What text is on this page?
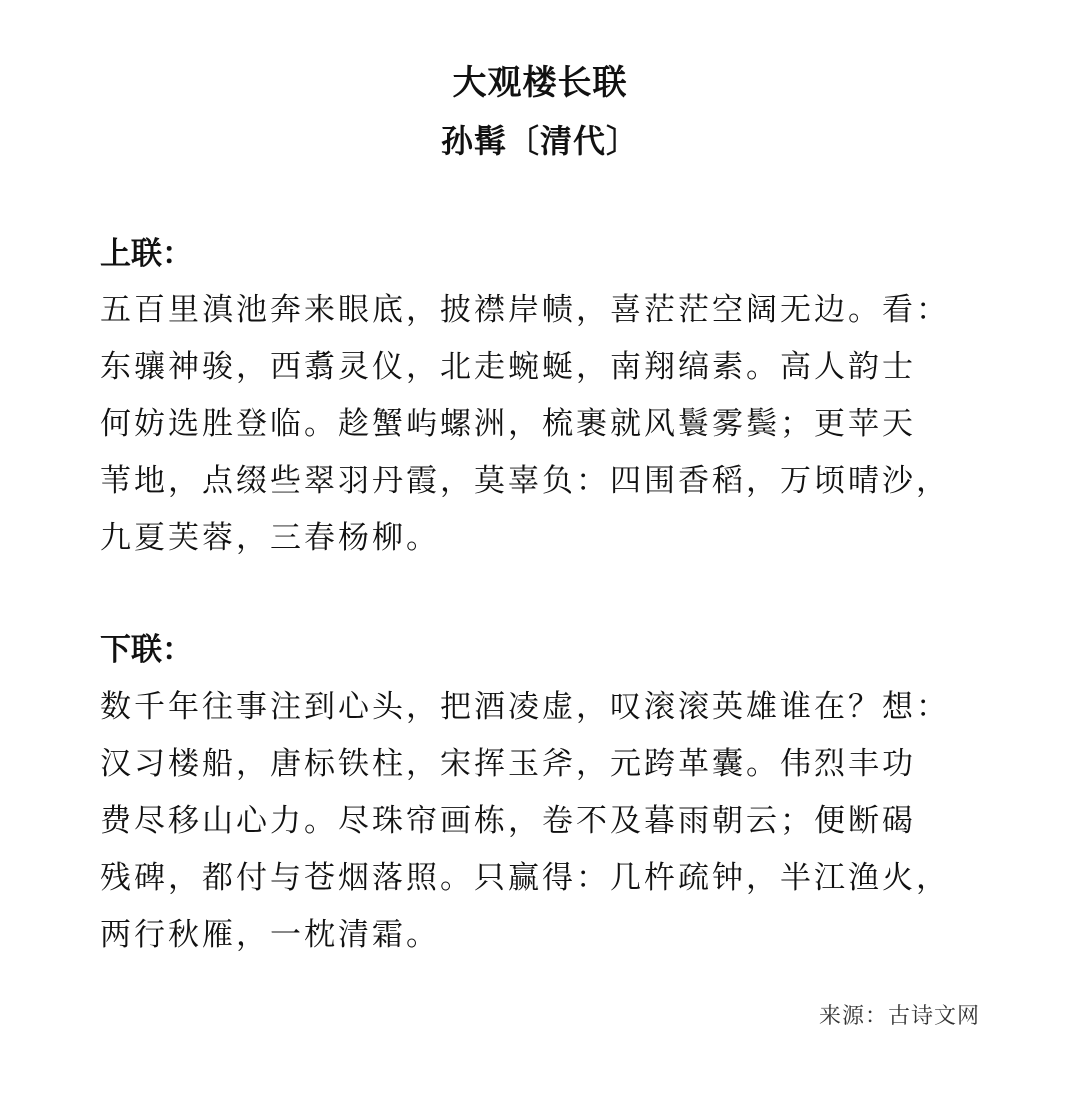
大观楼长联
孙髯〔清代〕
上联：
五百里滇池奔来眼底，披襟岸帻，喜茫茫空阔无边。看：
东骧神骏，西翥灵仪，北走蜿蜒，南翔缟素。高人韵士
何妨选胜登临。趁蟹屿螺洲，梳裹就风鬟雾鬓；更苹天
苇地，点缀些翠羽丹霞，莫辜负：四围香稻，万顷晴沙，
九夏芙蓉，三春杨柳。
下联：
数千年往事注到心头，把酒凌虚，叹滚滚英雄谁在？想：
汉习楼船，唐标铁柱，宋挥玉斧，元跨革囊。伟烈丰功
费尽移山心力。尽珠帘画栋，卷不及暮雨朝云；便断碣
残碑，都付与苍烟落照。只赢得：几杵疏钟，半江渔火，
两行秋雁，一枕清霜。
来源：古诗文网
